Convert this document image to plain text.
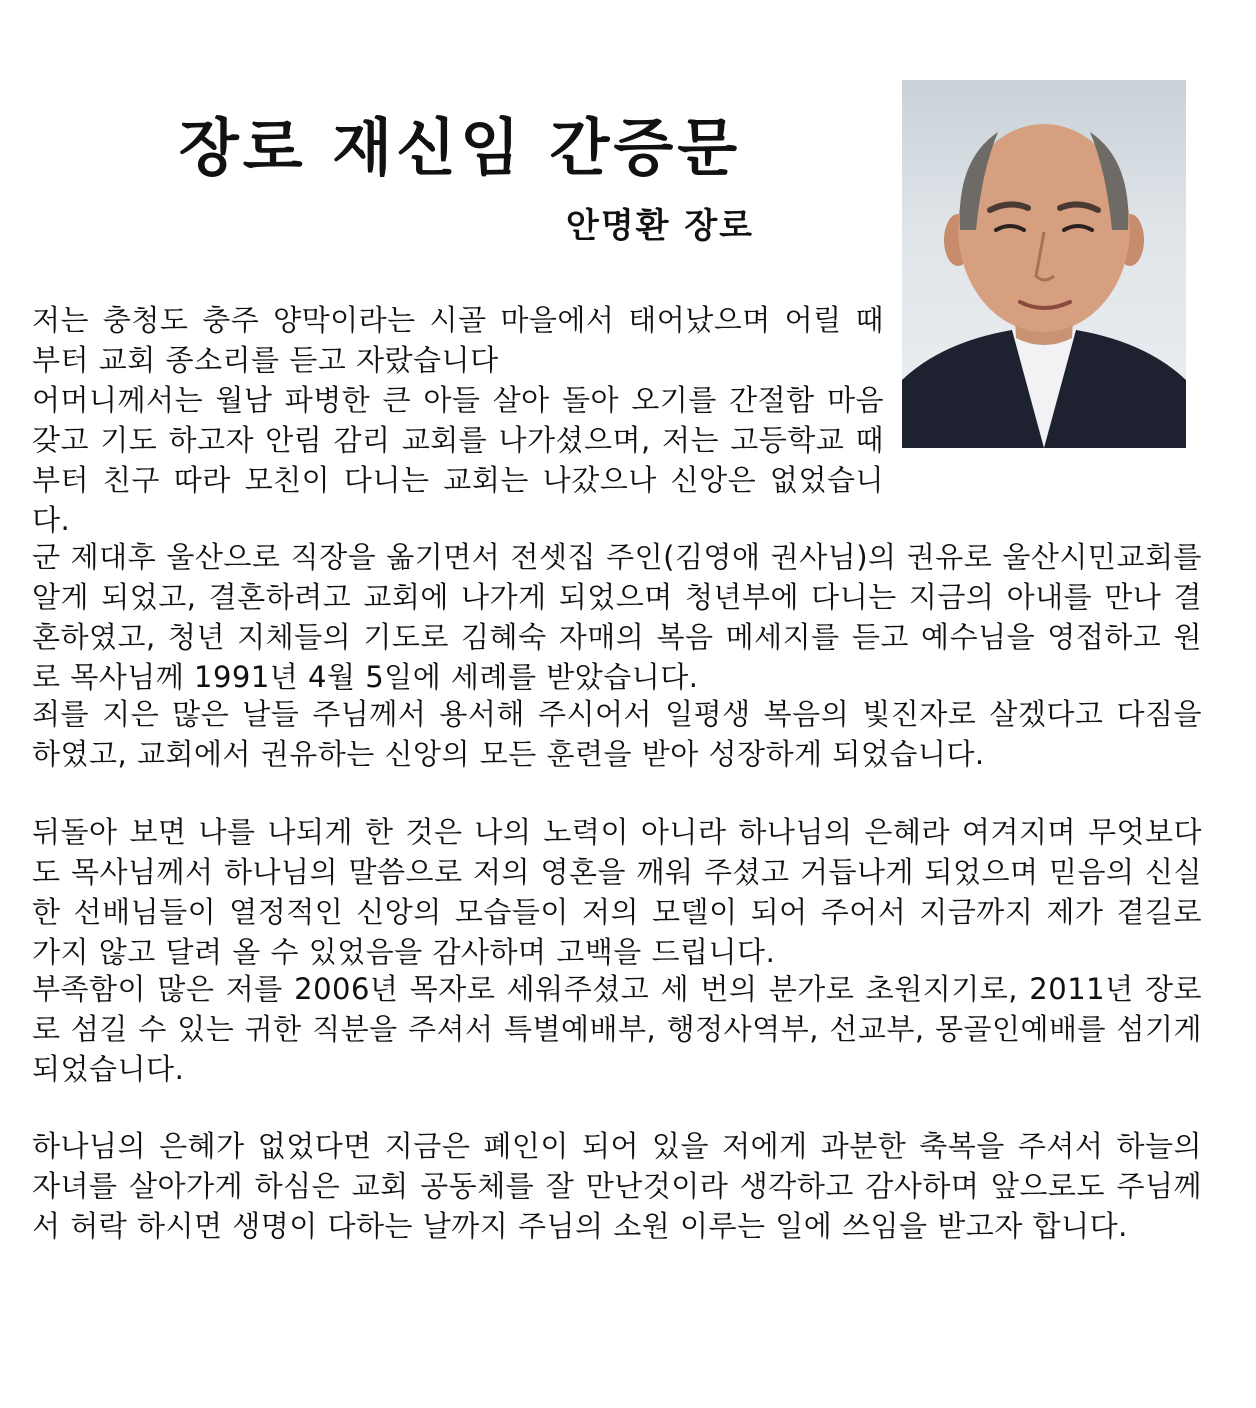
장로 재신임 간증문
안명환 장로

저는 충청도 충주 양막이라는 시골 마을에서 태어났으며 어릴 때 부터 교회 종소리를 듣고 자랐습니다

어머니께서는 월남 파병한 큰 아들 살아 돌아 오기를 간절함 마음 갖고 기도 하고자 안림 감리 교회를 나가셨으며, 저는 고등학교 때부터 친구 따라 모친이 다니는 교회는 나갔으나 신앙은 없었습니다.

군 제대후 울산으로 직장을 옮기면서 전셋집 주인(김영애 권사님)의 권유로 울산시민교회를 알게 되었고, 결혼하려고 교회에 나가게 되었으며 청년부에 다니는 지금의 아내를 만나 결혼하였고, 청년 지체들의 기도로 김혜숙 자매의 복음 메세지를 듣고 예수님을 영접하고 원로 목사님께 1991년 4월 5일에 세례를 받았습니다.

죄를 지은 많은 날들 주님께서 용서해 주시어서 일평생 복음의 빛진자로 살겠다고 다짐을 하였고, 교회에서 권유하는 신앙의 모든 훈련을 받아 성장하게 되었습니다.

뒤돌아 보면 나를 나되게 한 것은 나의 노력이 아니라 하나님의 은혜라 여겨지며 무엇보다도 목사님께서 하나님의 말씀으로 저의 영혼을 깨워 주셨고 거듭나게 되었으며 믿음의 신실한 선배님들이 열정적인 신앙의 모습들이 저의 모델이 되어 주어서 지금까지 제가 곁길로 가지 않고 달려 올 수 있었음을 감사하며 고백을 드립니다.

부족함이 많은 저를 2006년 목자로 세워주셨고 세 번의 분가로 초원지기로, 2011년 장로로 섬길 수 있는 귀한 직분을 주셔서 특별예배부, 행정사역부, 선교부, 몽골인예배를 섬기게 되었습니다.

하나님의 은혜가 없었다면 지금은 폐인이 되어 있을 저에게 과분한 축복을 주셔서 하늘의 자녀를 살아가게 하심은 교회 공동체를 잘 만난것이라 생각하고 감사하며 앞으로도 주님께서 허락 하시면 생명이 다하는 날까지 주님의 소원 이루는 일에 쓰임을 받고자 합니다.
